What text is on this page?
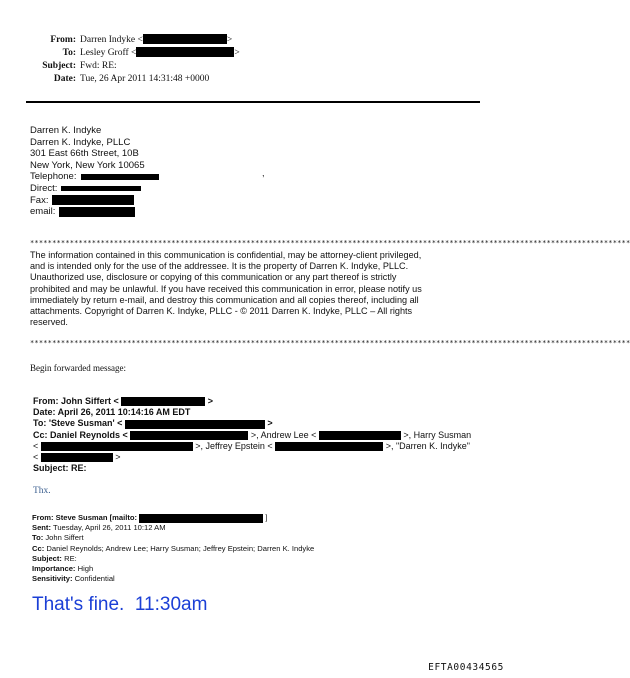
From: Darren Indyke <	>
To: Lesley Groff <	>
Subject: Fwd: RE:
Date: Tue, 26 Apr 2011 14:31:48 +0000
Darren K. Indyke
Darren K. Indyke, PLLC
301 East 66th Street, 10B
New York, New York 10065
Telephone:
Direct:
Fax:
email:
,
****************************************************************************************************************************************
The information contained in this communication is confidential, may be attorney-client privileged, and is intended only for the use of the addressee. It is the property of Darren K. Indyke, PLLC. Unauthorized use, disclosure or copying of this communication or any part thereof is strictly prohibited and may be unlawful. If you have received this communication in error, please notify us immediately by return e-mail, and destroy this communication and all copies thereof, including all attachments. Copyright of Darren K. Indyke, PLLC - © 2011 Darren K. Indyke, PLLC – All rights reserved.
****************************************************************************************************************************************
Begin forwarded message:
From: John Siffert <	>
Date: April 26, 2011 10:14:16 AM EDT
To: 'Steve Susman' <	>
Cc: Daniel Reynolds <	>, Andrew Lee <	>, Harry Susman
<	>, Jeffrey Epstein <	>, "Darren K. Indyke"
<	>
Subject: RE:
Thx.
From: Steve Susman [mailto:	]
Sent: Tuesday, April 26, 2011 10:12 AM
To: John Siffert
Cc: Daniel Reynolds; Andrew Lee; Harry Susman; Jeffrey Epstein; Darren K. Indyke
Subject: RE:
Importance: High
Sensitivity: Confidential
That's fine.  11:30am
EFTA00434565
